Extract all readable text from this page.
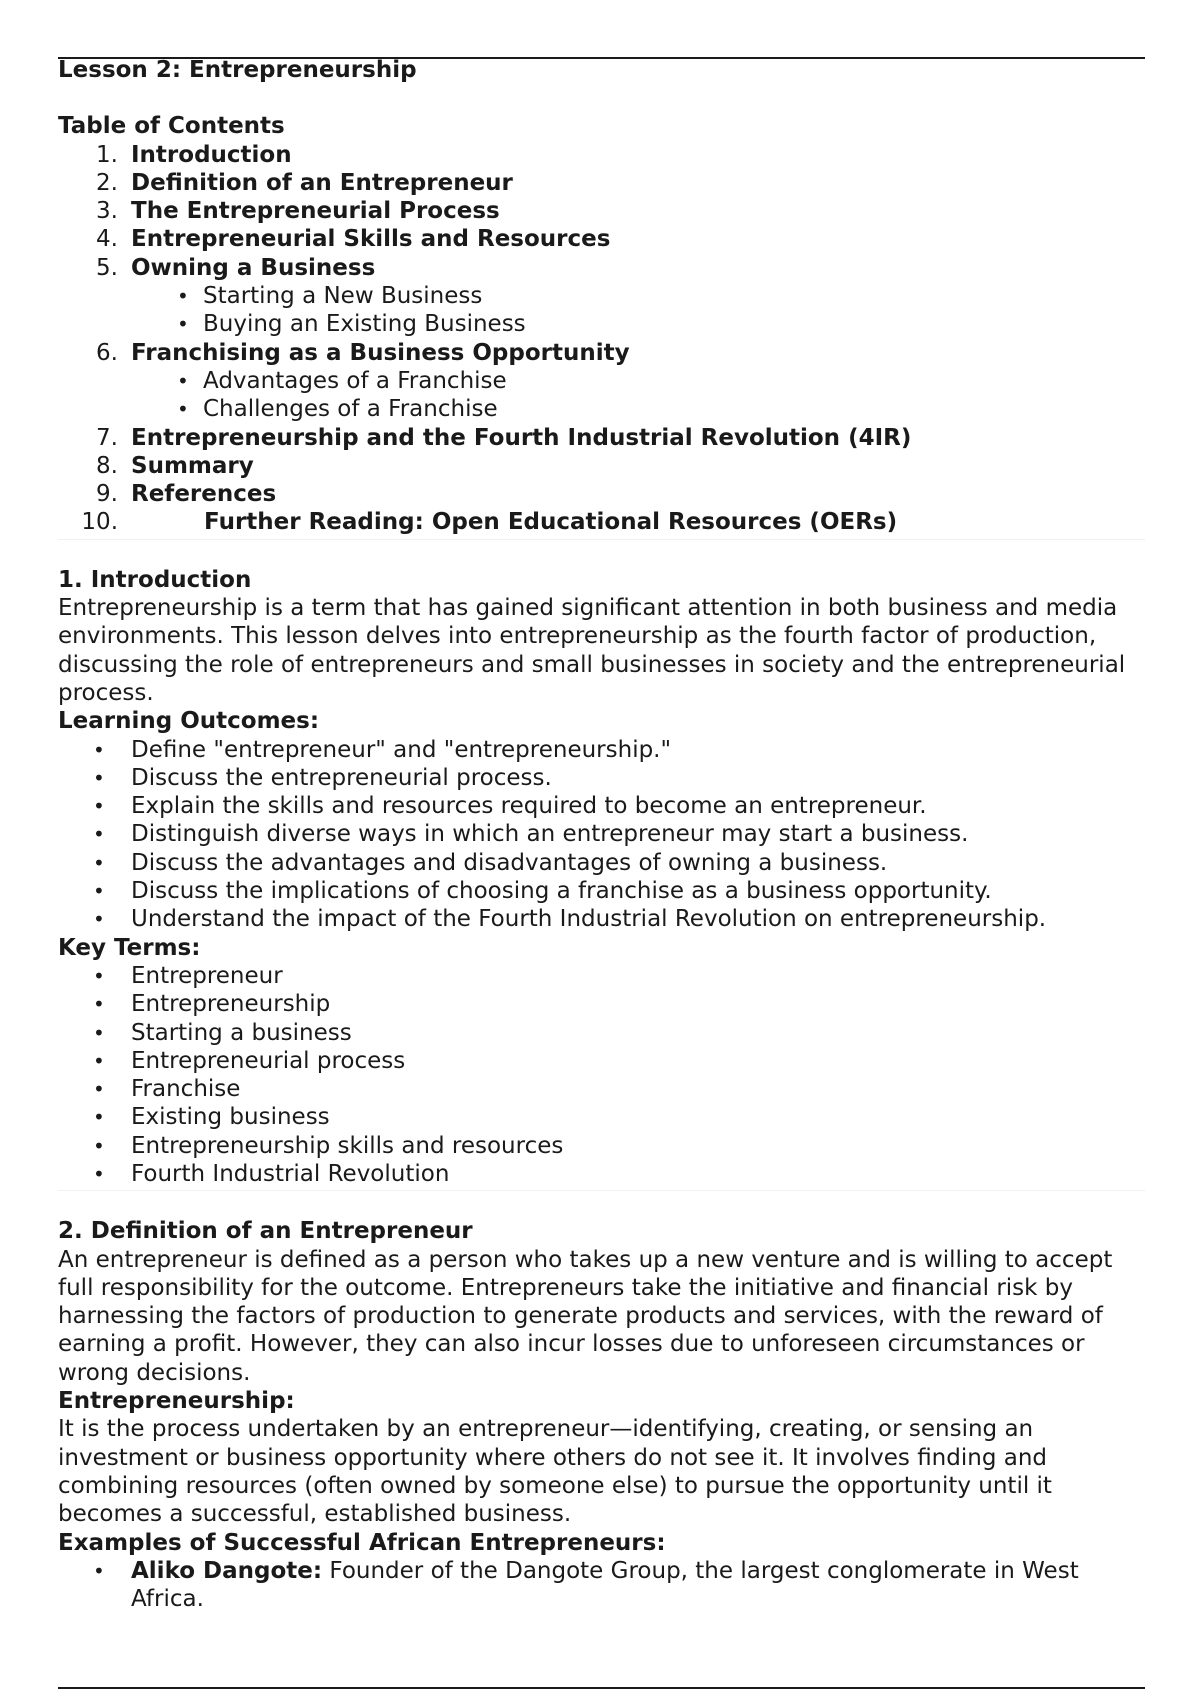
Lesson 2: Entrepreneurship
Table of Contents
1. Introduction
2. Definition of an Entrepreneur
3. The Entrepreneurial Process
4. Entrepreneurial Skills and Resources
5. Owning a Business
• Starting a New Business
• Buying an Existing Business
6. Franchising as a Business Opportunity
• Advantages of a Franchise
• Challenges of a Franchise
7. Entrepreneurship and the Fourth Industrial Revolution (4IR)
8. Summary
9. References
10.	Further Reading: Open Educational Resources (OERs)
1. Introduction

Entrepreneurship is a term that has gained significant attention in both business and media environments. This lesson delves into entrepreneurship as the fourth factor of production, discussing the role of entrepreneurs and small businesses in society and the entrepreneurial process.

Learning Outcomes:
• Define "entrepreneur" and "entrepreneurship."
• Discuss the entrepreneurial process.
• Explain the skills and resources required to become an entrepreneur.
• Distinguish diverse ways in which an entrepreneur may start a business.
• Discuss the advantages and disadvantages of owning a business.
• Discuss the implications of choosing a franchise as a business opportunity.
• Understand the impact of the Fourth Industrial Revolution on entrepreneurship.
Key Terms:
• Entrepreneur
• Entrepreneurship
• Starting a business
• Entrepreneurial process
• Franchise
• Existing business
• Entrepreneurship skills and resources
• Fourth Industrial Revolution
2. Definition of an Entrepreneur

An entrepreneur is defined as a person who takes up a new venture and is willing to accept full responsibility for the outcome. Entrepreneurs take the initiative and financial risk by harnessing the factors of production to generate products and services, with the reward of earning a profit. However, they can also incur losses due to unforeseen circumstances or wrong decisions.

Entrepreneurship:

It is the process undertaken by an entrepreneur—identifying, creating, or sensing an investment or business opportunity where others do not see it. It involves finding and combining resources (often owned by someone else) to pursue the opportunity until it becomes a successful, established business.

Examples of Successful African Entrepreneurs:
• Aliko Dangote: Founder of the Dangote Group, the largest conglomerate in West Africa.
